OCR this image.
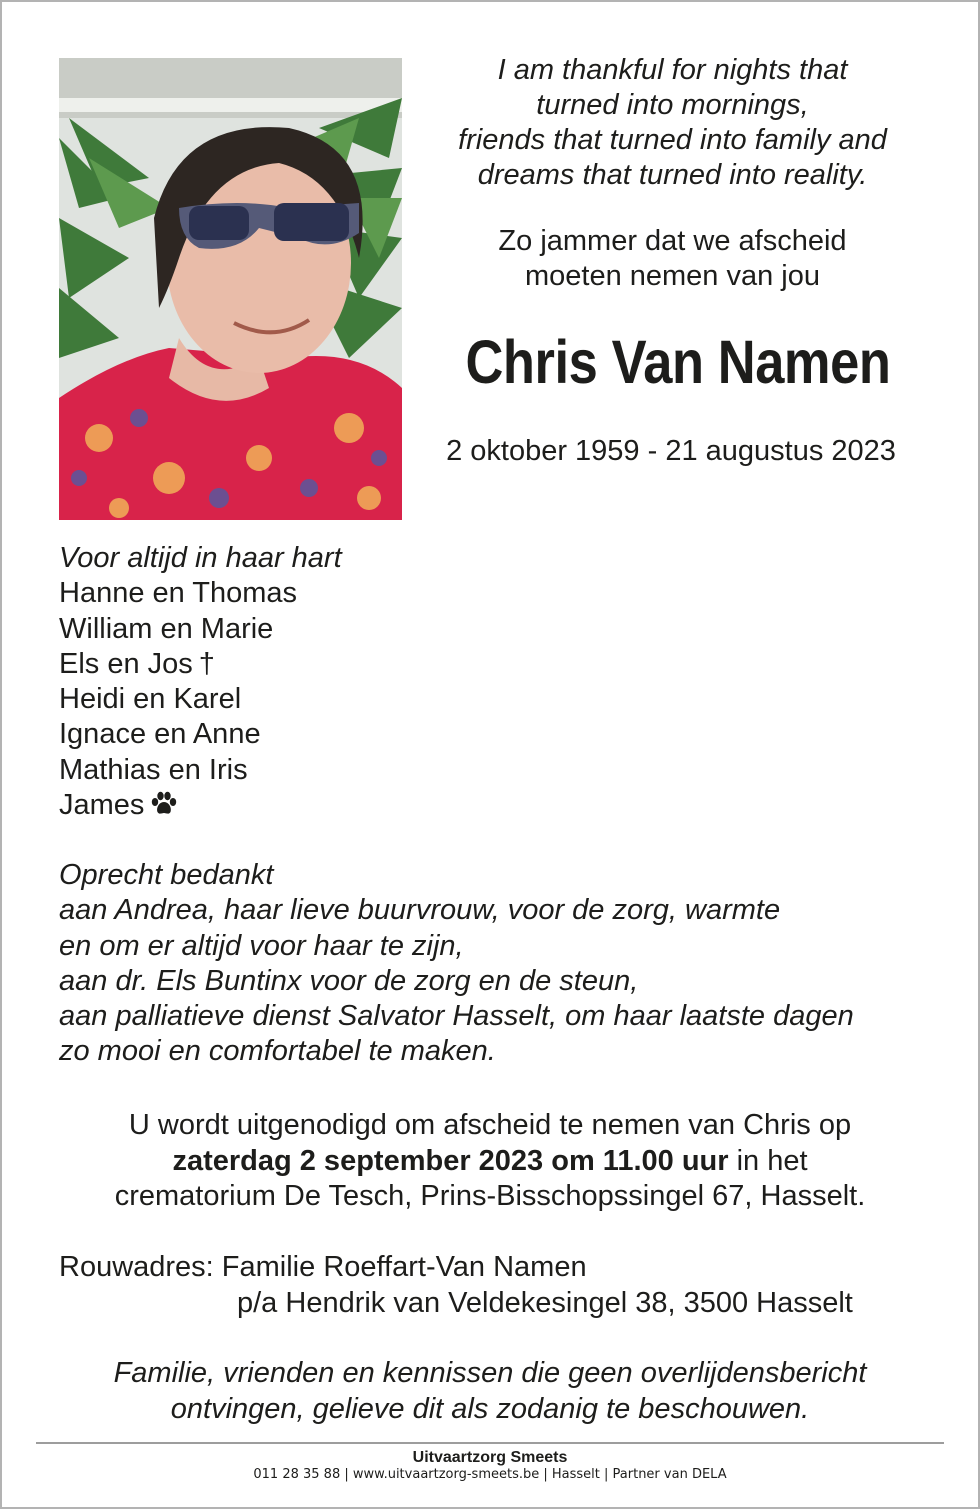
I am thankful for nights that
turned into mornings,
friends that turned into family and
dreams that turned into reality.
Zo jammer dat we afscheid
moeten nemen van jou
Chris Van Namen
2 oktober 1959 - 21 augustus 2023
Voor altijd in haar hart
Hanne en Thomas
William en Marie
Els en Jos †
Heidi en Karel
Ignace en Anne
Mathias en Iris
James
Oprecht bedankt
aan Andrea, haar lieve buurvrouw, voor de zorg, warmte
en om er altijd voor haar te zijn,
aan dr. Els Buntinx voor de zorg en de steun,
aan palliatieve dienst Salvator Hasselt, om haar laatste dagen
zo mooi en comfortabel te maken.
U wordt uitgenodigd om afscheid te nemen van Chris op
zaterdag 2 september 2023 om 11.00 uur in het
crematorium De Tesch, Prins-Bisschopssingel 67, Hasselt.
Rouwadres: Familie Roeffart-Van Namen
p/a Hendrik van Veldekesingel 38, 3500 Hasselt
Familie, vrienden en kennissen die geen overlijdensbericht
ontvingen, gelieve dit als zodanig te beschouwen.
Uitvaartzorg Smeets
011 28 35 88 | www.uitvaartzorg-smeets.be | Hasselt | Partner van DELA
